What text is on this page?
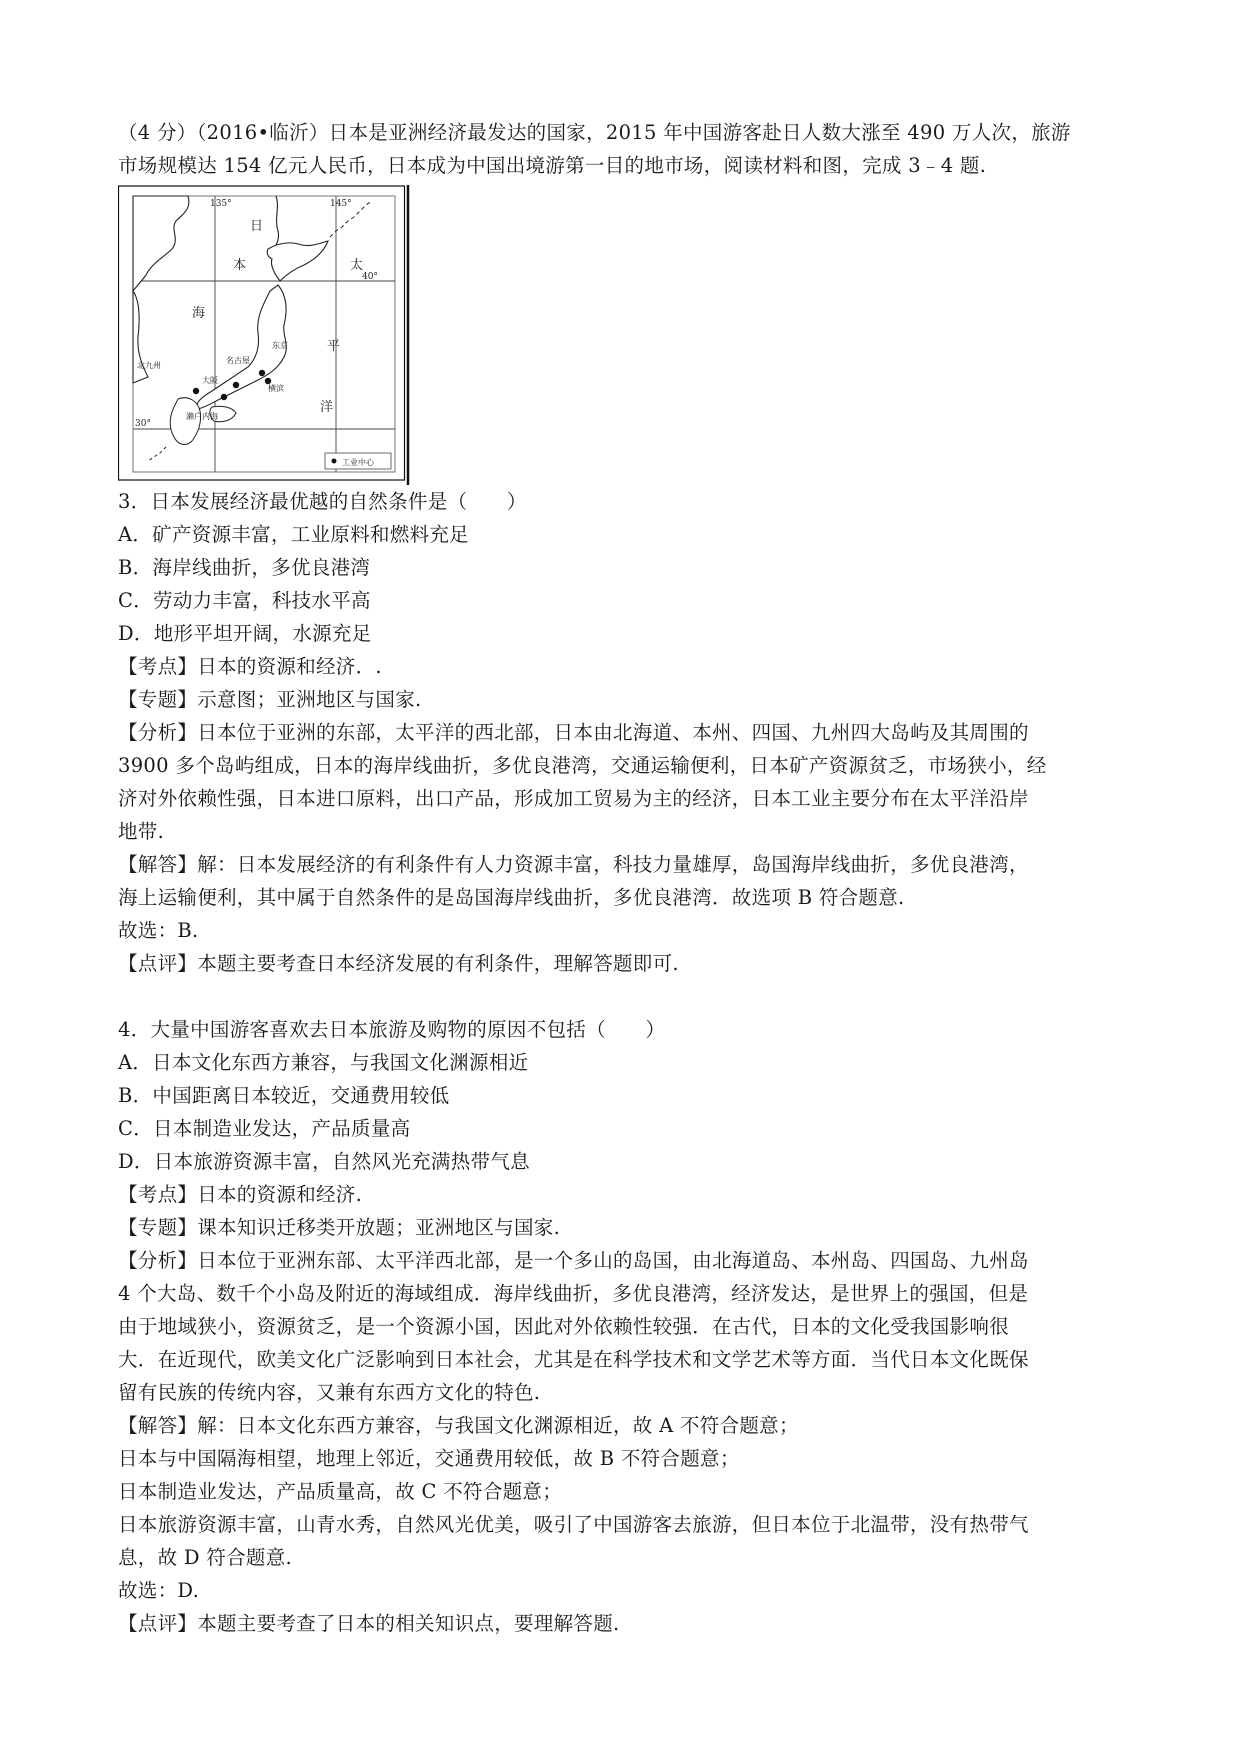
（4 分）（2016•临沂）日本是亚洲经济最发达的国家，2015 年中国游客赴日人数大涨至 490 万人次，旅游
市场规模达 154 亿元人民币，日本成为中国出境游第一目的地市场，阅读材料和图，完成 3﹣4 题.
135°	145°
40°
30°
日
本
海
太
平
洋
北九州
名古屋
东京
大阪
横滨
濑户内海
工业中心
3．日本发展经济最优越的自然条件是（　　）
A．矿产资源丰富，工业原料和燃料充足
B．海岸线曲折，多优良港湾
C．劳动力丰富，科技水平高
D．地形平坦开阔，水源充足
【考点】日本的资源和经济．.
【专题】示意图；亚洲地区与国家.
【分析】日本位于亚洲的东部，太平洋的西北部，日本由北海道、本州、四国、九州四大岛屿及其周围的
3900 多个岛屿组成，日本的海岸线曲折，多优良港湾，交通运输便利，日本矿产资源贫乏，市场狭小，经
济对外依赖性强，日本进口原料，出口产品，形成加工贸易为主的经济，日本工业主要分布在太平洋沿岸
地带.
【解答】解：日本发展经济的有利条件有人力资源丰富，科技力量雄厚，岛国海岸线曲折，多优良港湾，
海上运输便利，其中属于自然条件的是岛国海岸线曲折，多优良港湾．故选项 B 符合题意.
故选：B.
【点评】本题主要考查日本经济发展的有利条件，理解答题即可.
4．大量中国游客喜欢去日本旅游及购物的原因不包括（　　）
A．日本文化东西方兼容，与我国文化渊源相近
B．中国距离日本较近，交通费用较低
C．日本制造业发达，产品质量高
D．日本旅游资源丰富，自然风光充满热带气息
【考点】日本的资源和经济.
【专题】课本知识迁移类开放题；亚洲地区与国家.
【分析】日本位于亚洲东部、太平洋西北部，是一个多山的岛国，由北海道岛、本州岛、四国岛、九州岛
4 个大岛、数千个小岛及附近的海域组成．海岸线曲折，多优良港湾，经济发达，是世界上的强国，但是
由于地域狭小，资源贫乏，是一个资源小国，因此对外依赖性较强．在古代，日本的文化受我国影响很
大．在近现代，欧美文化广泛影响到日本社会，尤其是在科学技术和文学艺术等方面．当代日本文化既保
留有民族的传统内容，又兼有东西方文化的特色.
【解答】解：日本文化东西方兼容，与我国文化渊源相近，故 A 不符合题意；
日本与中国隔海相望，地理上邻近，交通费用较低，故 B 不符合题意；
日本制造业发达，产品质量高，故 C 不符合题意；
日本旅游资源丰富，山青水秀，自然风光优美，吸引了中国游客去旅游，但日本位于北温带，没有热带气
息，故 D 符合题意.
故选：D.
【点评】本题主要考查了日本的相关知识点，要理解答题.
